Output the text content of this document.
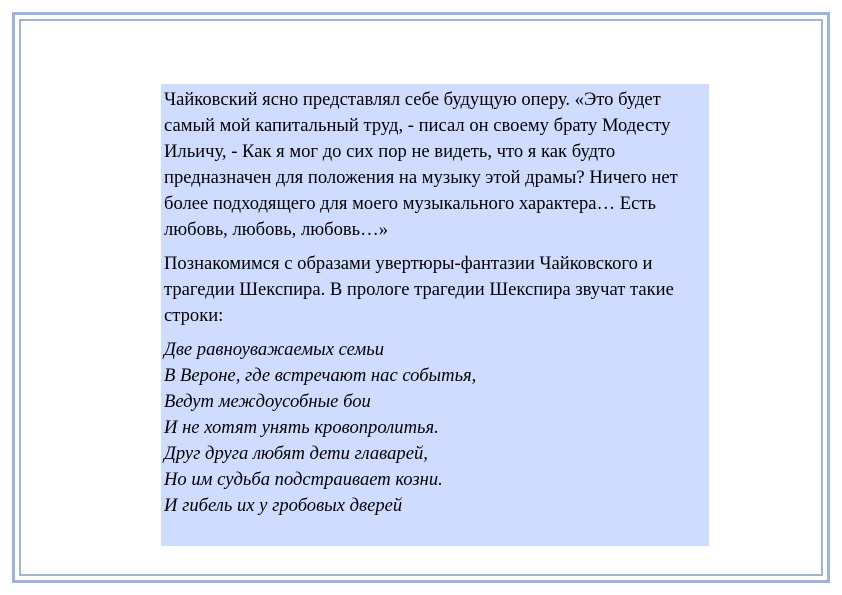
Чайковский ясно представлял себе будущую оперу. «Это будет самый мой капитальный труд, - писал он своему брату Модесту Ильичу, - Как я мог до сих пор не видеть, что я как будто предназначен для положения на музыку этой драмы? Ничего нет более подходящего для моего музыкального характера… Есть любовь, любовь, любовь…»

Познакомимся с образами увертюры-фантазии Чайковского и трагедии Шекспира. В прологе трагедии Шекспира звучат такие строки:

Две равноуважаемых семьи
В Вероне, где встречают нас событья,
Ведут междоусобные бои
И не хотят унять кровопролитья.
Друг друга любят дети главарей,
Но им судьба подстраивает козни.
И гибель их у гробовых дверей
